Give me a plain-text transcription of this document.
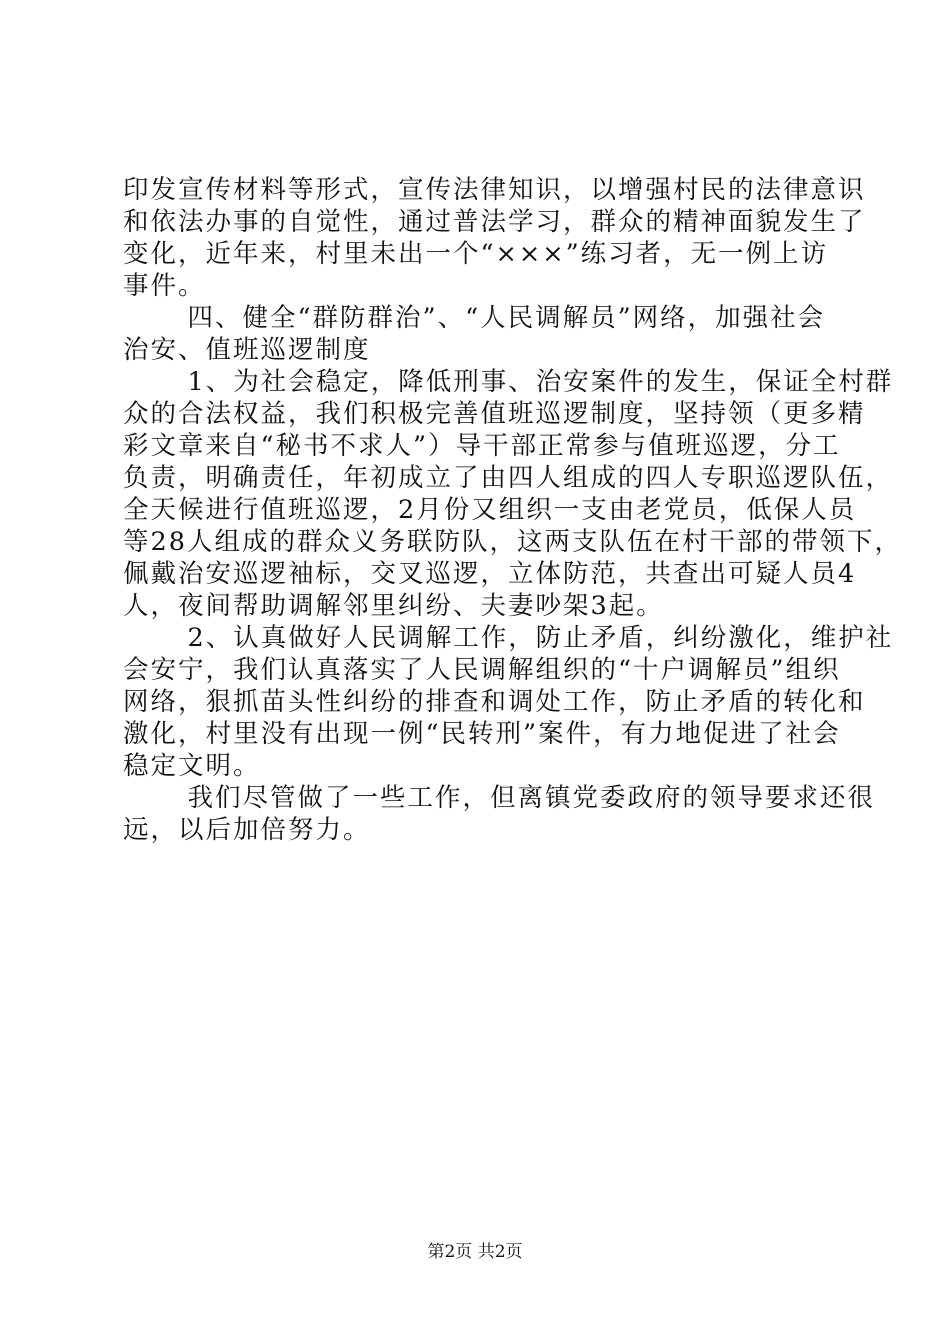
印发宣传材料等形式，宣传法律知识，以增强村民的法律意识

和依法办事的自觉性，通过普法学习，群众的精神面貌发生了

变化，近年来，村里未出一个“×××”练习者，无一例上访

事件。

　四、健全“群防群治”、“人民调解员”网络，加强社会

治安、值班巡逻制度

　1、为社会稳定，降低刑事、治安案件的发生，保证全村群

众的合法权益，我们积极完善值班巡逻制度，坚持领（更多精

彩文章来自“秘书不求人”）导干部正常参与值班巡逻，分工

负责，明确责任，年初成立了由四人组成的四人专职巡逻队伍，

全天候进行值班巡逻，2月份又组织一支由老党员，低保人员

等28人组成的群众义务联防队，这两支队伍在村干部的带领下，

佩戴治安巡逻袖标，交叉巡逻，立体防范，共查出可疑人员4

人，夜间帮助调解邻里纠纷、夫妻吵架3起。

　2、认真做好人民调解工作，防止矛盾，纠纷激化，维护社

会安宁，我们认真落实了人民调解组织的“十户调解员”组织

网络，狠抓苗头性纠纷的排查和调处工作，防止矛盾的转化和

激化，村里没有出现一例“民转刑”案件，有力地促进了社会

稳定文明。

　我们尽管做了一些工作，但离镇党委政府的领导要求还很

远，以后加倍努力。

第2页 共2页
